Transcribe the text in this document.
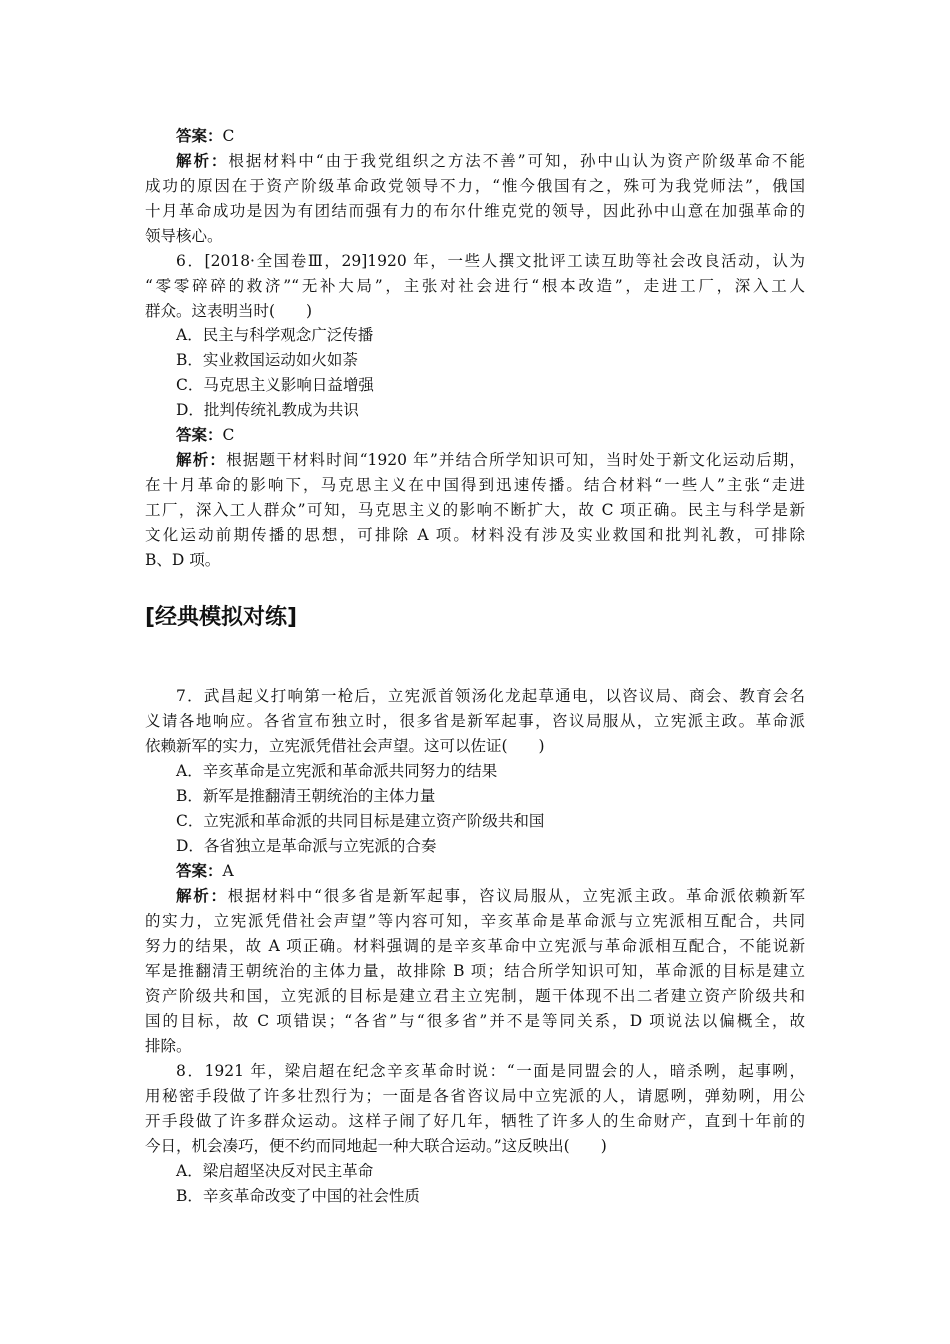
答案：C
解析：根据材料中“由于我党组织之方法不善”可知，孙中山认为资产阶级革命不能
成功的原因在于资产阶级革命政党领导不力，“惟今俄国有之，殊可为我党师法”，俄国
十月革命成功是因为有团结而强有力的布尔什维克党的领导，因此孙中山意在加强革命的
领导核心。
6．[2018·全国卷Ⅲ，29]1920 年，一些人撰文批评工读互助等社会改良活动，认为
“零零碎碎的救济”“无补大局”，主张对社会进行“根本改造”，走进工厂，深入工人
群众。这表明当时(　　)
A．民主与科学观念广泛传播
B．实业救国运动如火如荼
C．马克思主义影响日益增强
D．批判传统礼教成为共识
答案：C
解析：根据题干材料时间“1920 年”并结合所学知识可知，当时处于新文化运动后期，
在十月革命的影响下，马克思主义在中国得到迅速传播。结合材料“一些人”主张“走进
工厂，深入工人群众”可知，马克思主义的影响不断扩大，故 C 项正确。民主与科学是新
文化运动前期传播的思想，可排除 A 项。材料没有涉及实业救国和批判礼教，可排除
B、D 项。
[经典模拟对练]
7．武昌起义打响第一枪后，立宪派首领汤化龙起草通电，以咨议局、商会、教育会名
义请各地响应。各省宣布独立时，很多省是新军起事，咨议局服从，立宪派主政。革命派
依赖新军的实力，立宪派凭借社会声望。这可以佐证(　　)
A．辛亥革命是立宪派和革命派共同努力的结果
B．新军是推翻清王朝统治的主体力量
C．立宪派和革命派的共同目标是建立资产阶级共和国
D．各省独立是革命派与立宪派的合奏
答案：A
解析：根据材料中“很多省是新军起事，咨议局服从，立宪派主政。革命派依赖新军
的实力，立宪派凭借社会声望”等内容可知，辛亥革命是革命派与立宪派相互配合，共同
努力的结果，故 A 项正确。材料强调的是辛亥革命中立宪派与革命派相互配合，不能说新
军是推翻清王朝统治的主体力量，故排除 B 项；结合所学知识可知，革命派的目标是建立
资产阶级共和国，立宪派的目标是建立君主立宪制，题干体现不出二者建立资产阶级共和
国的目标，故 C 项错误；“各省”与“很多省”并不是等同关系，D 项说法以偏概全，故
排除。
8．1921 年，梁启超在纪念辛亥革命时说：“一面是同盟会的人，暗杀咧，起事咧，
用秘密手段做了许多壮烈行为；一面是各省咨议局中立宪派的人，请愿咧，弹劾咧，用公
开手段做了许多群众运动。这样子闹了好几年，牺牲了许多人的生命财产，直到十年前的
今日，机会凑巧，便不约而同地起一种大联合运动。”这反映出(　　)
A．梁启超坚决反对民主革命
B．辛亥革命改变了中国的社会性质
